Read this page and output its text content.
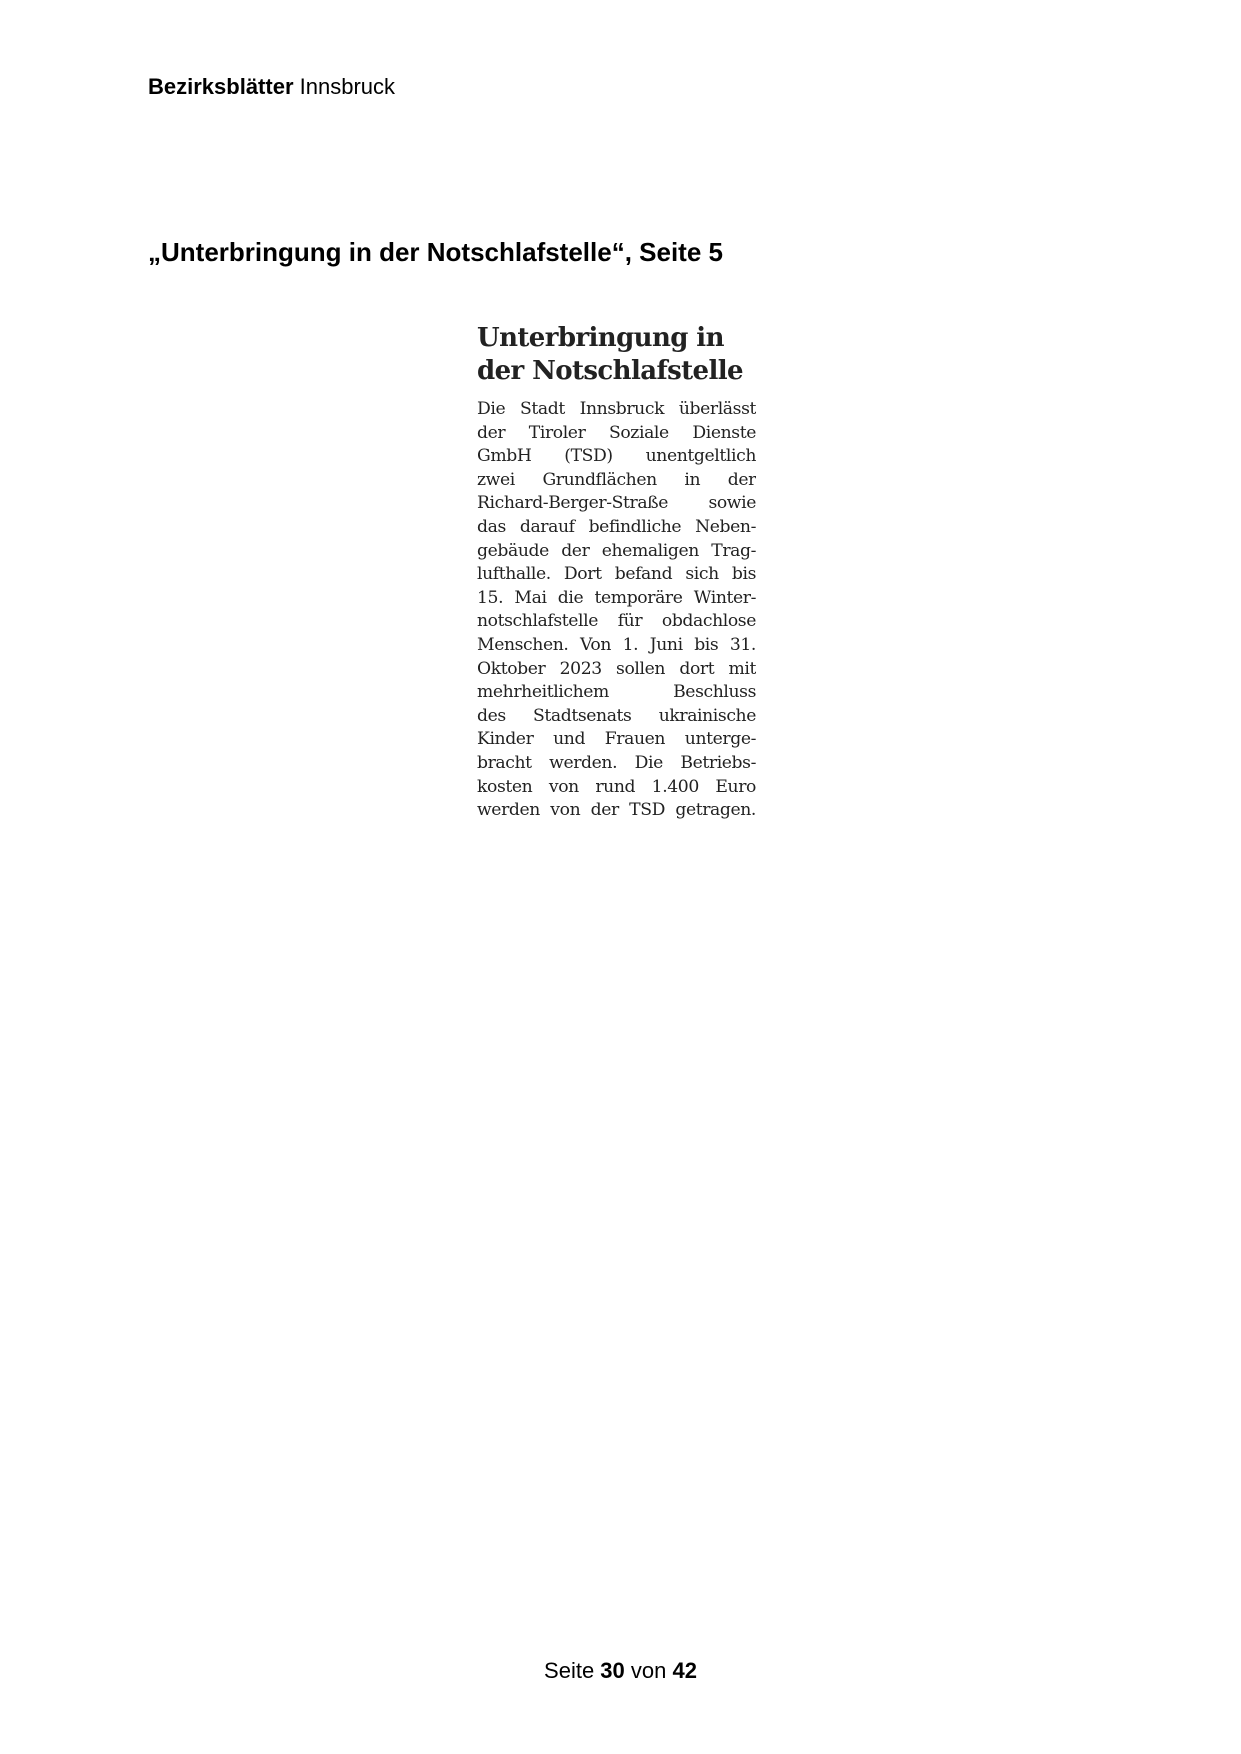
Bezirksblätter Innsbruck
„Unterbringung in der Notschlafstelle“, Seite 5
Unterbringung in
der Notschlafstelle
Die Stadt Innsbruck überlässt
der Tiroler Soziale Dienste
GmbH (TSD) unentgeltlich
zwei Grundflächen in der
Richard-Berger-Straße sowie
das darauf befindliche Neben-
gebäude der ehemaligen Trag-
lufthalle. Dort befand sich bis
15. Mai die temporäre Winter-
notschlafstelle für obdachlose
Menschen. Von 1. Juni bis 31.
Oktober 2023 sollen dort mit
mehrheitlichem Beschluss
des Stadtsenats ukrainische
Kinder und Frauen unterge-
bracht werden. Die Betriebs-
kosten von rund 1.400 Euro
werden von der TSD getragen.
Seite 30 von 42
